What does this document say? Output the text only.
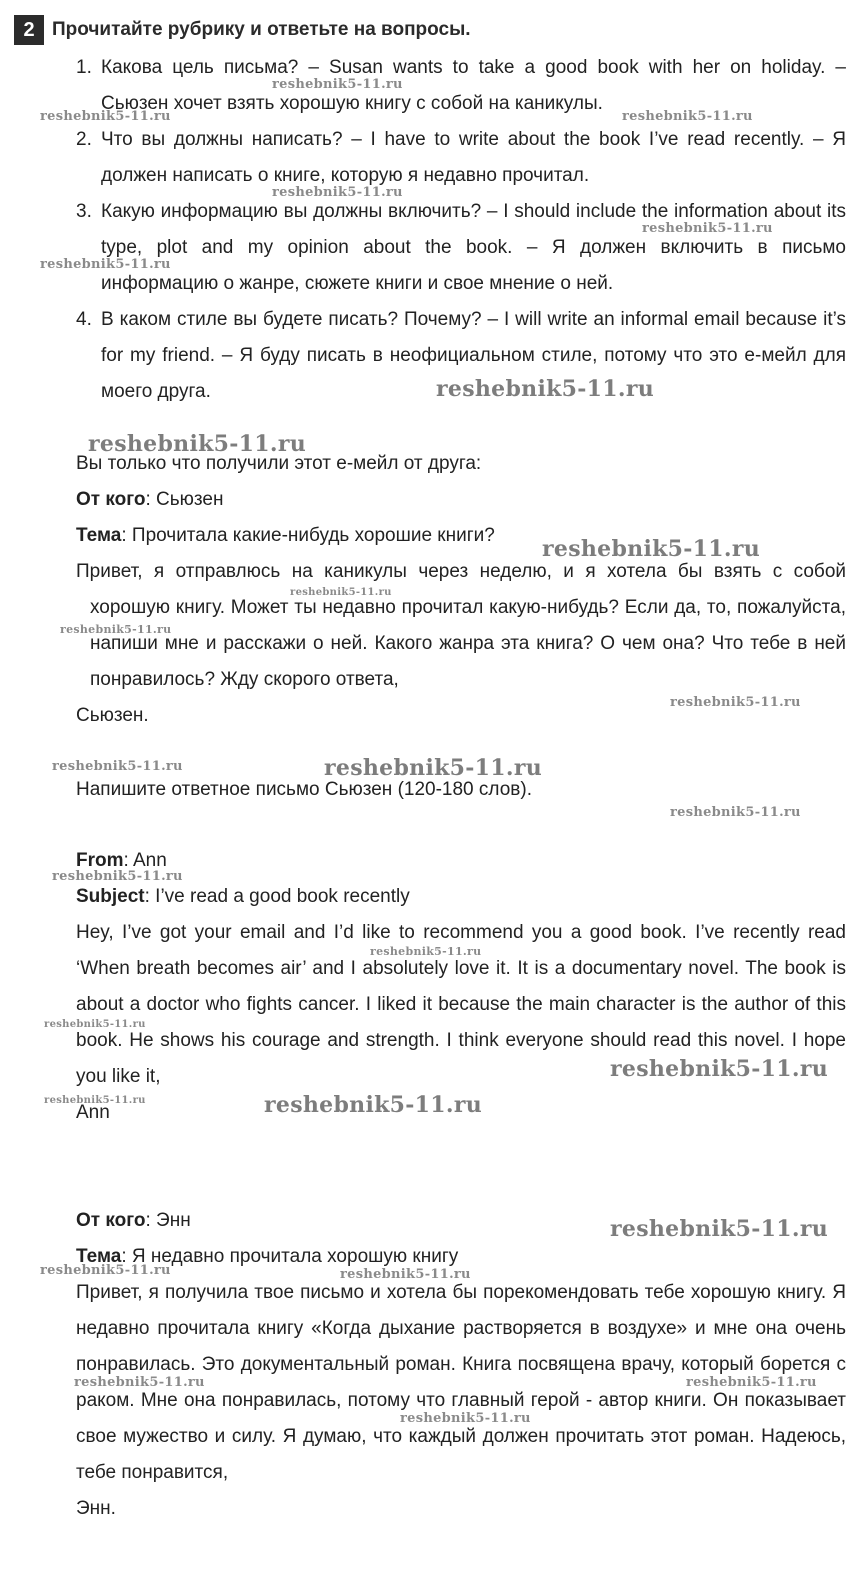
2 Прочитайте рубрику и ответьте на вопросы.
1. Какова цель письма? – Susan wants to take a good book with her on holiday. – Сьюзен хочет взять хорошую книгу с собой на каникулы.
2. Что вы должны написать? – I have to write about the book I’ve read recently. – Я должен написать о книге, которую я недавно прочитал.
3. Какую информацию вы должны включить? – I should include the information about its type, plot and my opinion about the book. – Я должен включить в письмо информацию о жанре, сюжете книги и свое мнение о ней.
4. В каком стиле вы будете писать? Почему? – I will write an informal email because it’s for my friend. – Я буду писать в неофициальном стиле, потому что это е-мейл для моего друга.
Вы только что получили этот е-мейл от друга:
От кого: Сьюзен
Тема: Прочитала какие-нибудь хорошие книги?
Привет, я отправлюсь на каникулы через неделю, и я хотела бы взять с собой хорошую книгу. Может ты недавно прочитал какую-нибудь? Если да, то, пожалуйста, напиши мне и расскажи о ней. Какого жанра эта книга? О чем она? Что тебе в ней понравилось? Жду скорого ответа,
Сьюзен.
Напишите ответное письмо Сьюзен (120-180 слов).
From: Ann
Subject: I’ve read a good book recently
Hey, I’ve got your email and I’d like to recommend you a good book. I’ve recently read ‘When breath becomes air’ and I absolutely love it. It is a documentary novel. The book is about a doctor who fights cancer. I liked it because the main character is the author of this book. He shows his courage and strength. I think everyone should read this novel. I hope you like it,
Ann
От кого: Энн
Тема: Я недавно прочитала хорошую книгу
Привет, я получила твое письмо и хотела бы порекомендовать тебе хорошую книгу. Я недавно прочитала книгу «Когда дыхание растворяется в воздухе» и мне она очень понравилась. Это документальный роман. Книга посвящена врачу, который борется с раком. Мне она понравилась, потому что главный герой - автор книги. Он показывает свое мужество и силу. Я думаю, что каждый должен прочитать этот роман. Надеюсь, тебе понравится,
Энн.
reshebnik5-11.ru
reshebnik5-11.ru	reshebnik5-11.ru
reshebnik5-11.ru
reshebnik5-11.ru
reshebnik5-11.ru
reshebnik5-11.ru
reshebnik5-11.ru
reshebnik5-11.ru
reshebnik5-11.ru
reshebnik5-11.ru
reshebnik5-11.ru
reshebnik5-11.ru	reshebnik5-11.ru
reshebnik5-11.ru
reshebnik5-11.ru
reshebnik5-11.ru
reshebnik5-11.ru
reshebnik5-11.ru
reshebnik5-11.ru	reshebnik5-11.ru
reshebnik5-11.ru
reshebnik5-11.ru	reshebnik5-11.ru
reshebnik5-11.ru	reshebnik5-11.ru
reshebnik5-11.ru
